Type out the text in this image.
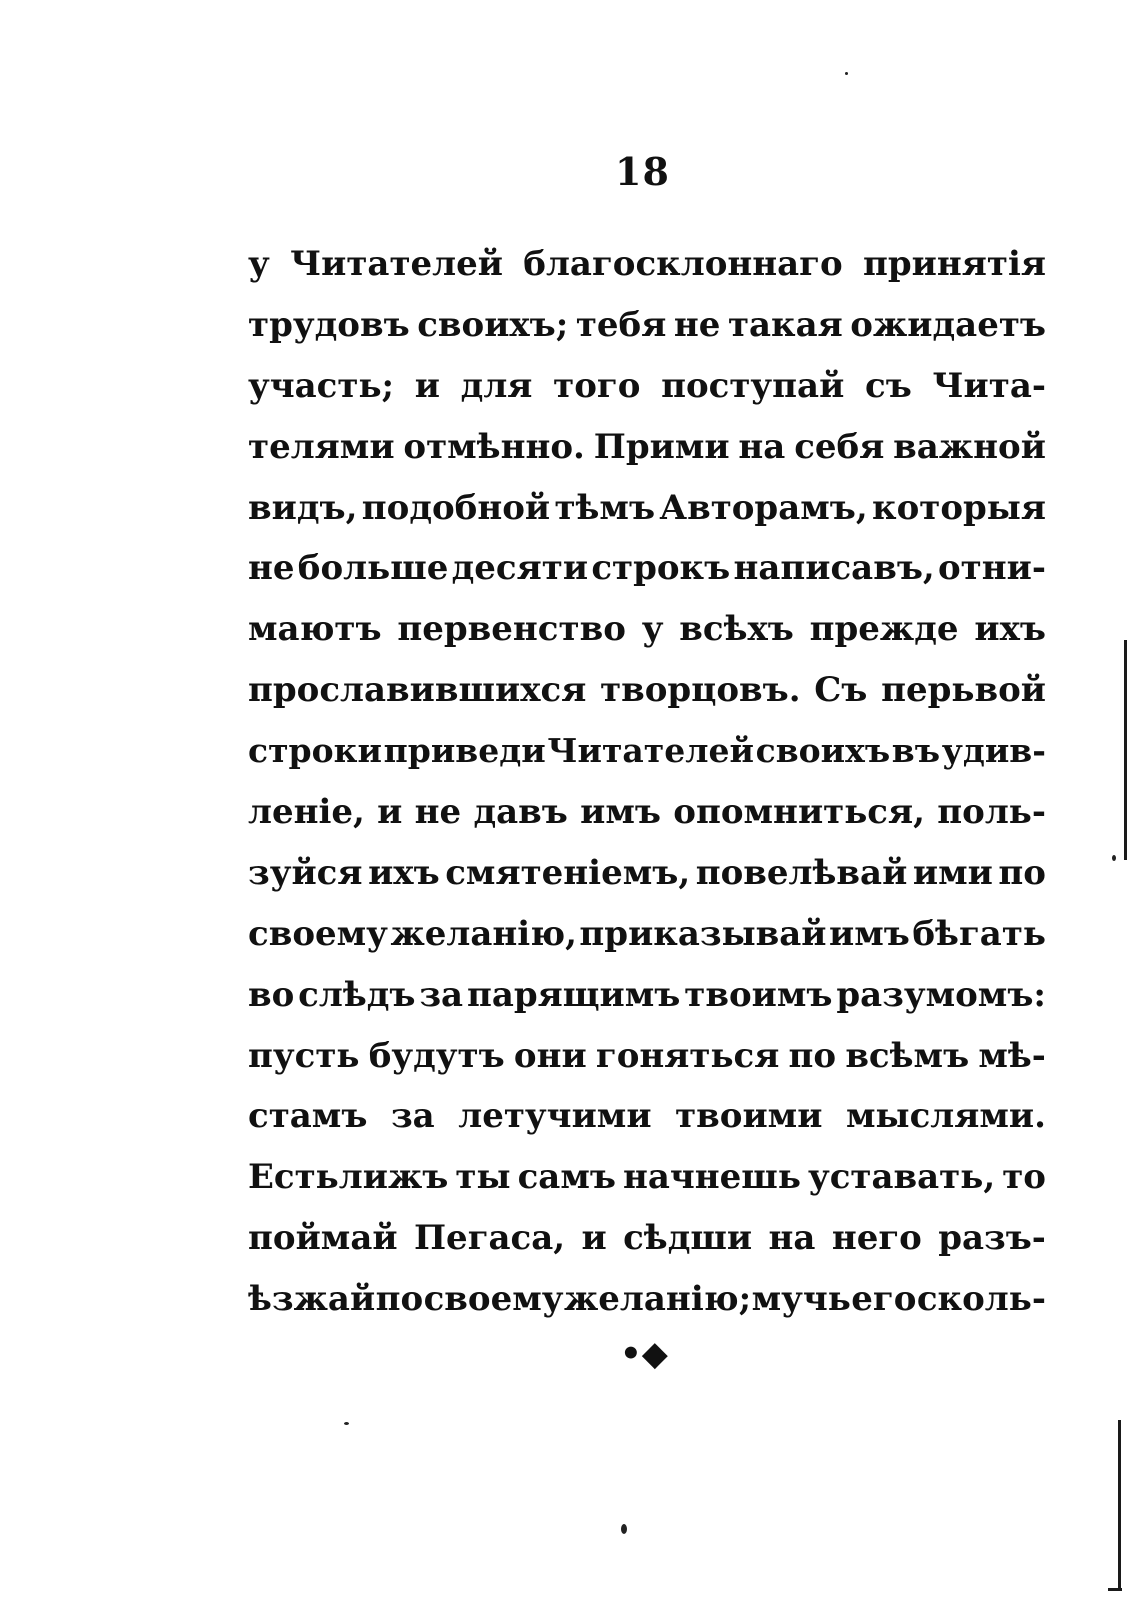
18
у Читателей благосклоннаго принятія
трудовъ своихъ; тебя не такая ожидаетъ
участь; и для того поступай съ Чита-
телями отмѣнно. Прими на себя важной
видъ, подобной тѣмъ Авторамъ, которыя
не больше десяти строкъ написавъ, отни-
маютъ первенство у всѣхъ прежде ихъ
прославившихся творцовъ. Съ перьвой
строки приведи Читателей своихъ въ удив-
леніе, и не давъ имъ опомниться, поль-
зуйся ихъ смятеніемъ, повелѣвай ими по
своему желанію, приказывай имъ бѣгать
во слѣдъ за парящимъ твоимъ разумомъ:
пусть будутъ они гоняться по всѣмъ мѣ-
стамъ за летучими твоими мыслями.
Естьлижъ ты самъ начнешь уставать, то
поймай Пегаса, и сѣдши на него разъ-
ѣзжай по своему желанію; мучь его сколь-
•◆
